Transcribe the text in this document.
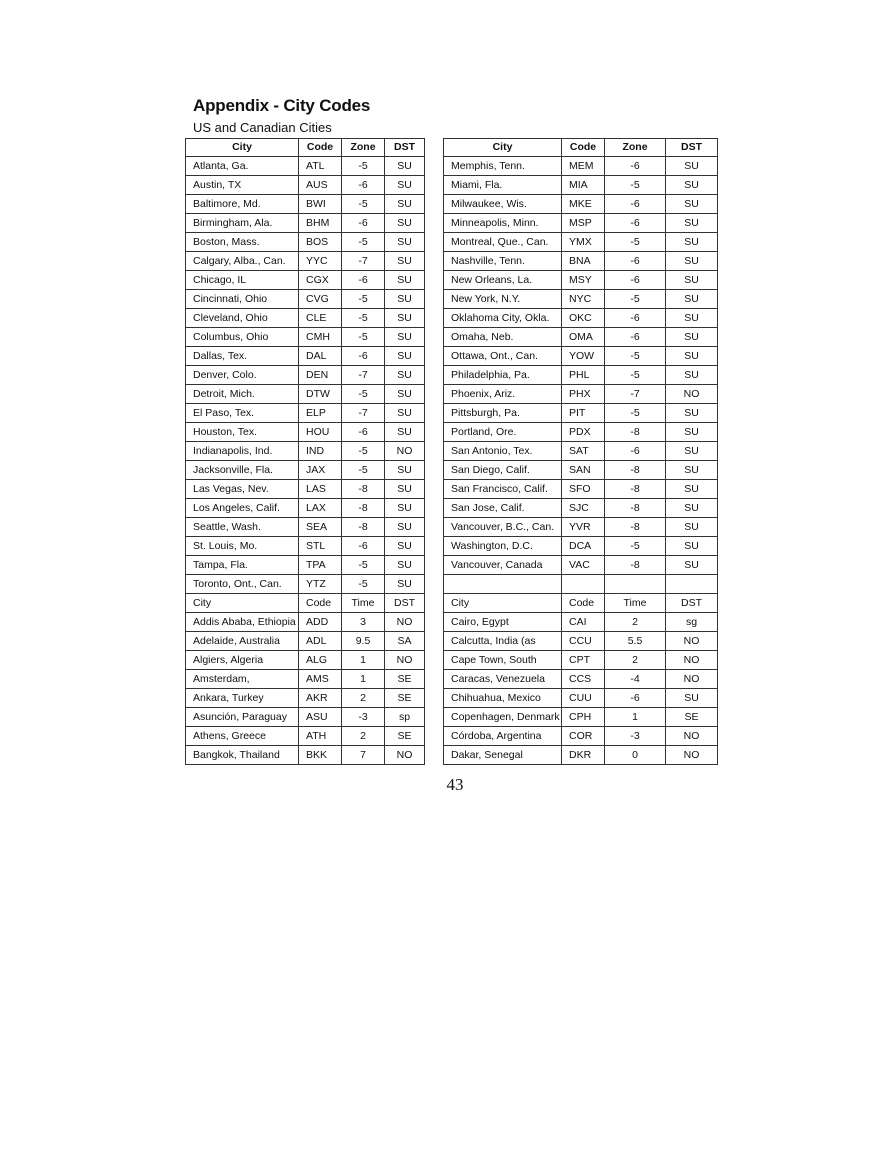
Appendix - City Codes
US and Canadian Cities
City	Code	Zone	DST		City	Code	Zone	DST
Atlanta, Ga.	ATL	-5	SU		Memphis, Tenn.	MEM	-6	SU
Austin, TX	AUS	-6	SU		Miami, Fla.	MIA	-5	SU
Baltimore, Md.	BWI	-5	SU		Milwaukee, Wis.	MKE	-6	SU
Birmingham, Ala.	BHM	-6	SU		Minneapolis, Minn.	MSP	-6	SU
Boston, Mass.	BOS	-5	SU		Montreal, Que., Can.	YMX	-5	SU
Calgary, Alba., Can.	YYC	-7	SU		Nashville, Tenn.	BNA	-6	SU
Chicago, IL	CGX	-6	SU		New Orleans, La.	MSY	-6	SU
Cincinnati, Ohio	CVG	-5	SU		New York, N.Y.	NYC	-5	SU
Cleveland, Ohio	CLE	-5	SU		Oklahoma City, Okla.	OKC	-6	SU
Columbus, Ohio	CMH	-5	SU		Omaha, Neb.	OMA	-6	SU
Dallas, Tex.	DAL	-6	SU		Ottawa, Ont., Can.	YOW	-5	SU
Denver, Colo.	DEN	-7	SU		Philadelphia, Pa.	PHL	-5	SU
Detroit, Mich.	DTW	-5	SU		Phoenix, Ariz.	PHX	-7	NO
El Paso, Tex.	ELP	-7	SU		Pittsburgh, Pa.	PIT	-5	SU
Houston, Tex.	HOU	-6	SU		Portland, Ore.	PDX	-8	SU
Indianapolis, Ind.	IND	-5	NO		San Antonio, Tex.	SAT	-6	SU
Jacksonville, Fla.	JAX	-5	SU		San Diego, Calif.	SAN	-8	SU
Las Vegas, Nev.	LAS	-8	SU		San Francisco, Calif.	SFO	-8	SU
Los Angeles, Calif.	LAX	-8	SU		San Jose, Calif.	SJC	-8	SU
Seattle, Wash.	SEA	-8	SU		Vancouver, B.C., Can.	YVR	-8	SU
St. Louis, Mo.	STL	-6	SU		Washington, D.C.	DCA	-5	SU
Tampa, Fla.	TPA	-5	SU		Vancouver, Canada	VAC	-8	SU
Toronto, Ont., Can.	YTZ	-5	SU					
City	Code	Time	DST		City	Code	Time	DST
Addis Ababa, Ethiopia	ADD	3	NO		Cairo, Egypt	CAI	2	sg
Adelaide, Australia	ADL	9.5	SA		Calcutta, India (as	CCU	5.5	NO
Algiers, Algeria	ALG	1	NO		Cape Town, South	CPT	2	NO
Amsterdam,	AMS	1	SE		Caracas, Venezuela	CCS	-4	NO
Ankara, Turkey	AKR	2	SE		Chihuahua, Mexico	CUU	-6	SU
Asunción, Paraguay	ASU	-3	sp		Copenhagen, Denmark	CPH	1	SE
Athens, Greece	ATH	2	SE		Córdoba, Argentina	COR	-3	NO
Bangkok, Thailand	BKK	7	NO		Dakar, Senegal	DKR	0	NO
43
